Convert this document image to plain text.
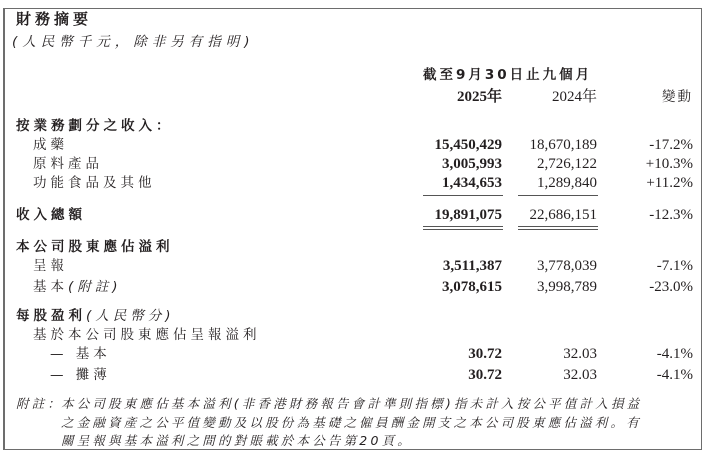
財務摘要
(人民幣千元，除非另有指明)
截至9月30日止九個月
2025年	2024年	變動
按業務劃分之收入：
成藥	15,450,429 18,670,189	-17.2%
原料產品	3,005,993 2,726,122	+10.3%
功能食品及其他	1,434,653 1,289,840	+11.2%
收入總額	19,891,075 22,686,151	-12.3%
本公司股東應佔溢利
呈報	3,511,387 3,778,039	-7.1%
基本(附註)	3,078,615 3,998,789	-23.0%
每股盈利(人民幣分)
基於本公司股東應佔呈報溢利
— 基本	30.72	32.03	-4.1%
— 攤薄	30.72	32.03	-4.1%
附註：
本公司股東應佔基本溢利(非香港財務報告會計準則指標)指未計入按公平值計入損益
之金融資產之公平值變動及以股份為基礎之僱員酬金開支之本公司股東應佔溢利。有
關呈報與基本溢利之間的對賬載於本公告第20頁。
